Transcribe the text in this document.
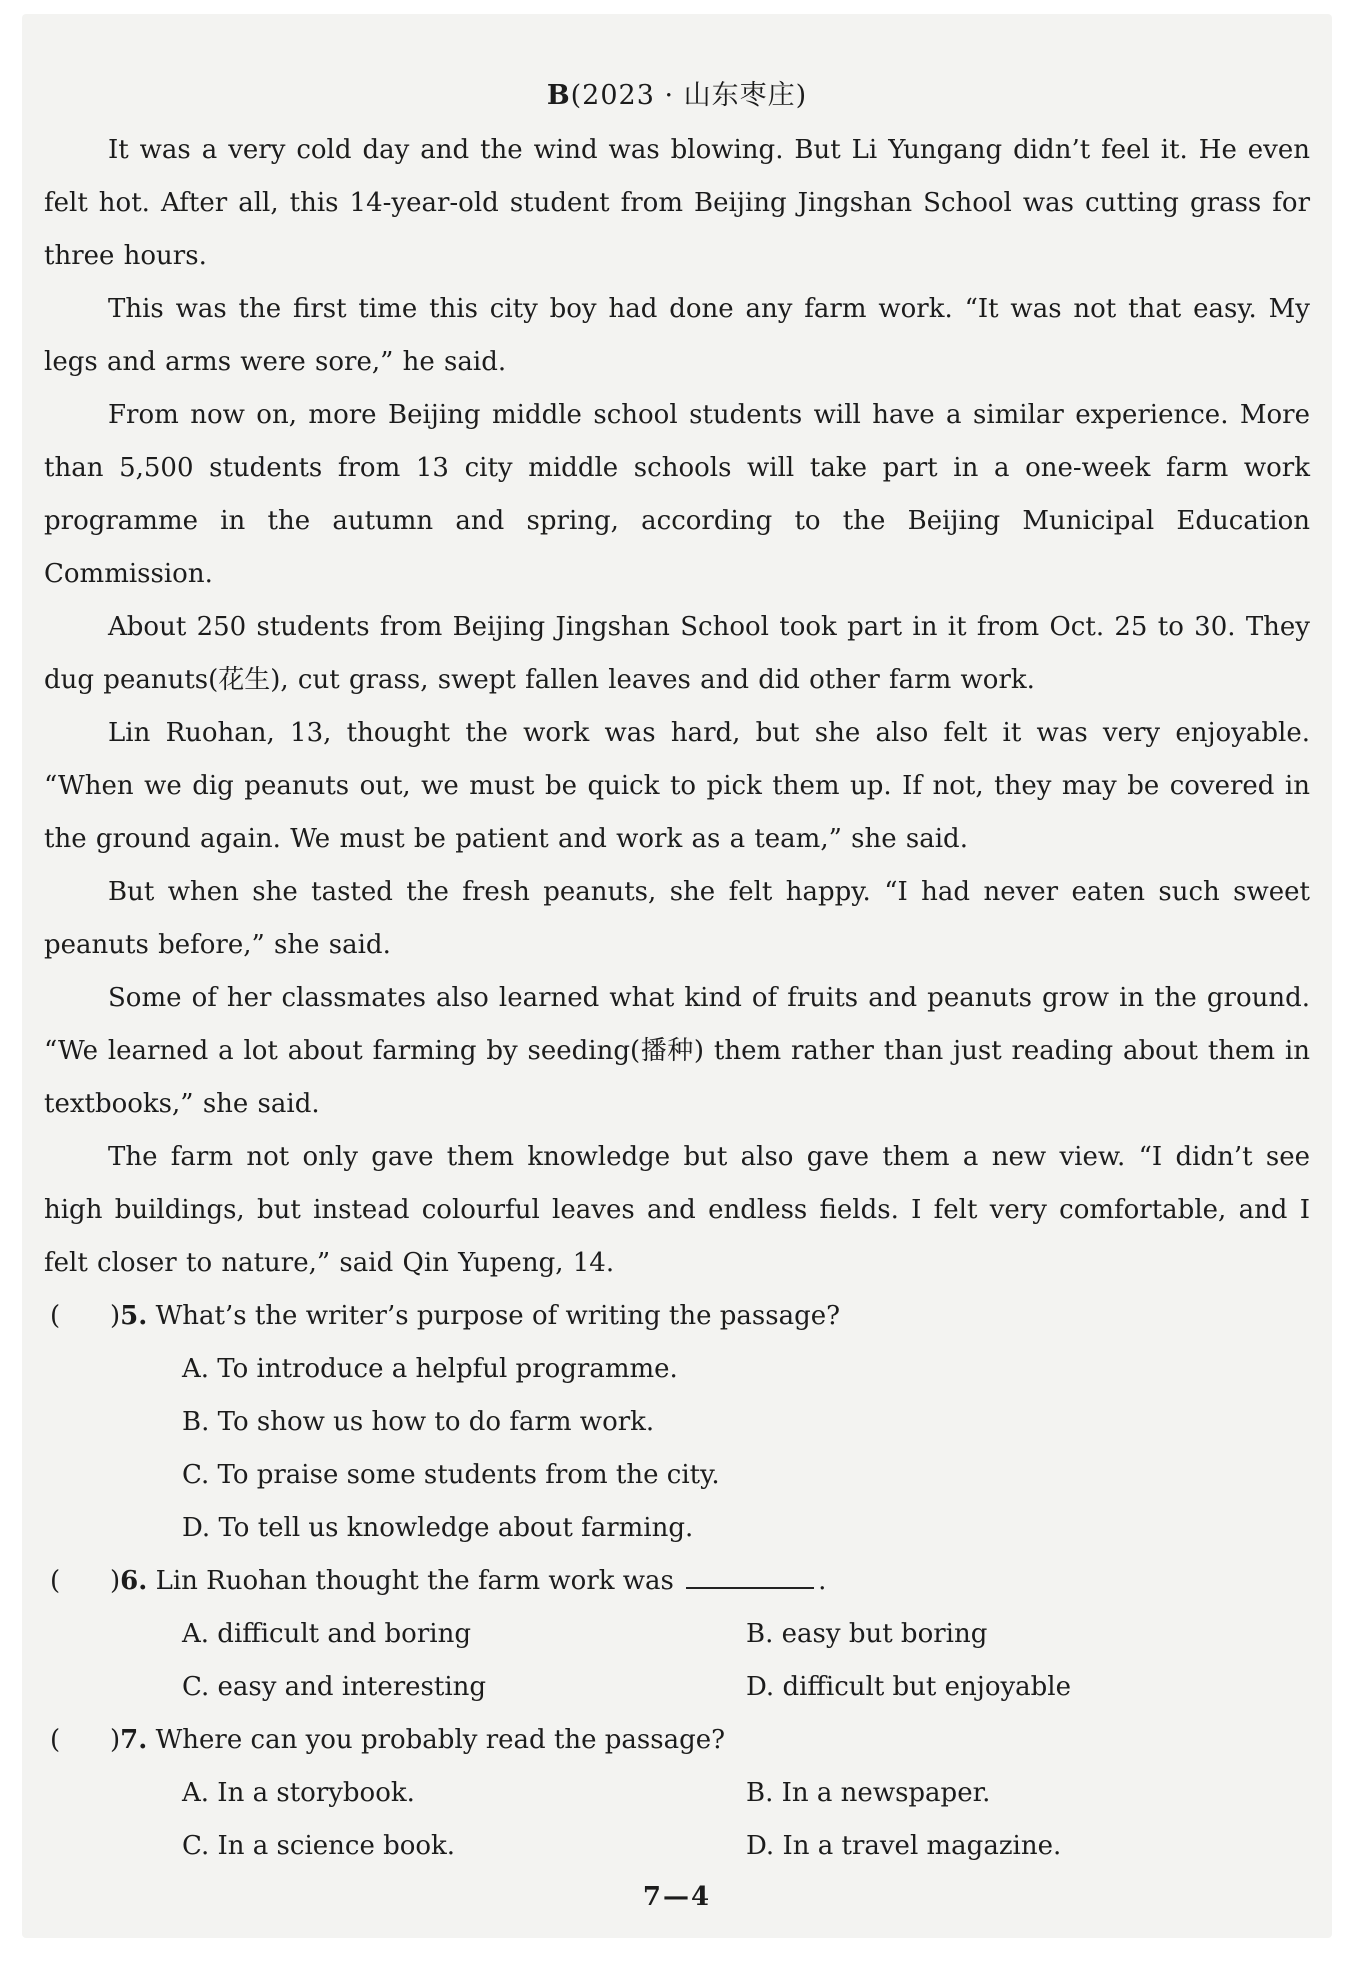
B(2023 · 山东枣庄)

It was a very cold day and the wind was blowing. But Li Yungang didn’t feel it. He even felt hot. After all, this 14-year-old student from Beijing Jingshan School was cutting grass for three hours.

This was the first time this city boy had done any farm work. “It was not that easy. My legs and arms were sore,” he said.

From now on, more Beijing middle school students will have a similar experience. More than 5,500 students from 13 city middle schools will take part in a one-week farm work programme in the autumn and spring, according to the Beijing Municipal Education Commission.

About 250 students from Beijing Jingshan School took part in it from Oct. 25 to 30. They dug peanuts(花生), cut grass, swept fallen leaves and did other farm work.

Lin Ruohan, 13, thought the work was hard, but she also felt it was very enjoyable. “When we dig peanuts out, we must be quick to pick them up. If not, they may be covered in the ground again. We must be patient and work as a team,” she said.

But when she tasted the fresh peanuts, she felt happy. “I had never eaten such sweet peanuts before,” she said.

Some of her classmates also learned what kind of fruits and peanuts grow in the ground. “We learned a lot about farming by seeding(播种) them rather than just reading about them in textbooks,” she said.

The farm not only gave them knowledge but also gave them a new view. “I didn’t see high buildings, but instead colourful leaves and endless fields. I felt very comfortable, and I felt closer to nature,” said Qin Yupeng, 14.

( )5. What’s the writer’s purpose of writing the passage?

A. To introduce a helpful programme.

B. To show us how to do farm work.

C. To praise some students from the city.

D. To tell us knowledge about farming.

( )6. Lin Ruohan thought the farm work was	.

A. difficult and boring	B. easy but boring
C. easy and interesting	D. difficult but enjoyable

( )7. Where can you probably read the passage?

A. In a storybook.	B. In a newspaper.
C. In a science book.	D. In a travel magazine.
7—4
